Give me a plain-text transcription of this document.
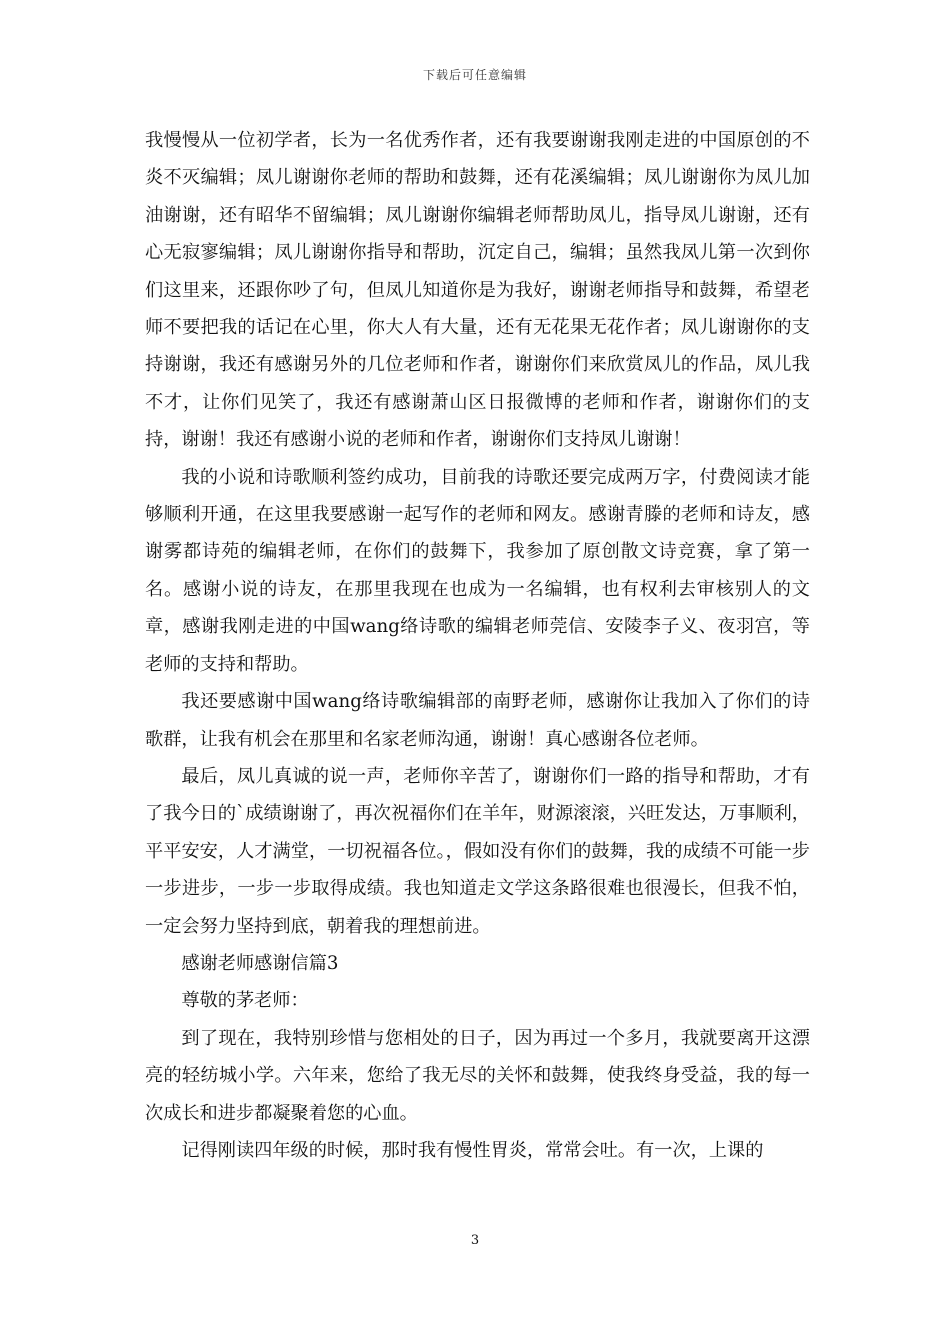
下载后可任意编辑

我慢慢从一位初学者，长为一名优秀作者，还有我要谢谢我刚走进的中国原创的不炎不灭编辑；凤儿谢谢你老师的帮助和鼓舞，还有花溪编辑；凤儿谢谢你为凤儿加油谢谢，还有昭华不留编辑；凤儿谢谢你编辑老师帮助凤儿，指导凤儿谢谢，还有心无寂寥编辑；凤儿谢谢你指导和帮助，沉定自己，编辑；虽然我凤儿第一次到你们这里来，还跟你吵了句，但凤儿知道你是为我好，谢谢老师指导和鼓舞，希望老师不要把我的话记在心里，你大人有大量，还有无花果无花作者；凤儿谢谢你的支持谢谢，我还有感谢另外的几位老师和作者，谢谢你们来欣赏凤儿的作品，凤儿我不才，让你们见笑了，我还有感谢萧山区日报微博的老师和作者，谢谢你们的支持，谢谢！我还有感谢小说的老师和作者，谢谢你们支持凤儿谢谢！

我的小说和诗歌顺利签约成功，目前我的诗歌还要完成两万字，付费阅读才能够顺利开通，在这里我要感谢一起写作的老师和网友。感谢青滕的老师和诗友，感谢雾都诗苑的编辑老师，在你们的鼓舞下，我参加了原创散文诗竞赛，拿了第一名。感谢小说的诗友，在那里我现在也成为一名编辑，也有权利去审核别人的文章，感谢我刚走进的中国wang络诗歌的编辑老师莞信、安陵李子义、夜羽宫，等老师的支持和帮助。

我还要感谢中国wang络诗歌编辑部的南野老师，感谢你让我加入了你们的诗歌群，让我有机会在那里和名家老师沟通，谢谢！真心感谢各位老师。

最后，凤儿真诚的说一声，老师你辛苦了，谢谢你们一路的指导和帮助，才有了我今日的`成绩谢谢了，再次祝福你们在羊年，财源滚滚，兴旺发达，万事顺利，平平安安，人才满堂，一切祝福各位。，假如没有你们的鼓舞，我的成绩不可能一步一步进步，一步一步取得成绩。我也知道走文学这条路很难也很漫长，但我不怕，一定会努力坚持到底，朝着我的理想前进。

感谢老师感谢信篇3

尊敬的茅老师：

到了现在，我特别珍惜与您相处的日子，因为再过一个多月，我就要离开这漂亮的轻纺城小学。六年来，您给了我无尽的关怀和鼓舞，使我终身受益，我的每一次成长和进步都凝聚着您的心血。

记得刚读四年级的时候，那时我有慢性胃炎，常常会吐。有一次，上课的

3
